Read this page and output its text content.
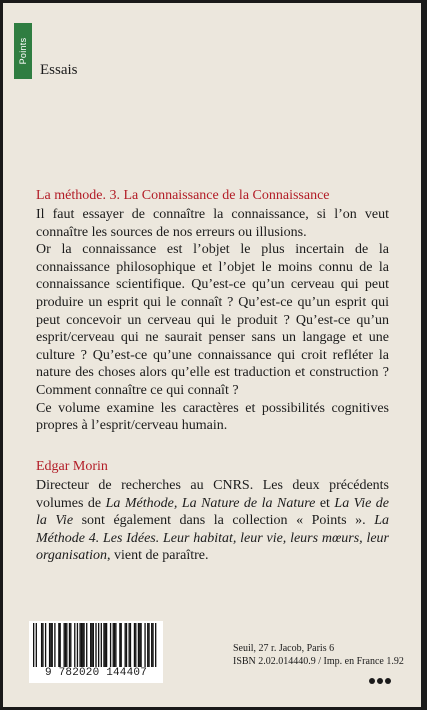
Points
Essais
La méthode. 3. La Connaissance de la Connaissance

Il faut essayer de connaître la connaissance, si l’on veut connaître les sources de nos erreurs ou illusions.

Or la connaissance est l’objet le plus incertain de la connaissance philosophique et l’objet le moins connu de la connaissance scientifique. Qu’est-ce qu’un cerveau qui peut produire un esprit qui le connaît ? Qu’est-ce qu’un esprit qui peut concevoir un cerveau qui le produit ? Qu’est-ce qu’un esprit/cerveau qui ne saurait penser sans un langage et une culture ? Qu’est-ce qu’une connaissance qui croit refléter la nature des choses alors qu’elle est traduction et construction ? Comment connaître ce qui connaît ?

Ce volume examine les caractères et possibilités cognitives propres à l’esprit/cerveau humain.

Edgar Morin

Directeur de recherches au CNRS. Les deux précédents volumes de La Méthode, La Nature de la Nature et La Vie de la Vie sont également dans la collection « Points ». La Méthode 4. Les Idées. Leur habitat, leur vie, leurs mœurs, leur organisation, vient de paraître.

9 782020 144407
Seuil, 27 r. Jacob, Paris 6
ISBN 2.02.014440.9 / Imp. en France 1.92
